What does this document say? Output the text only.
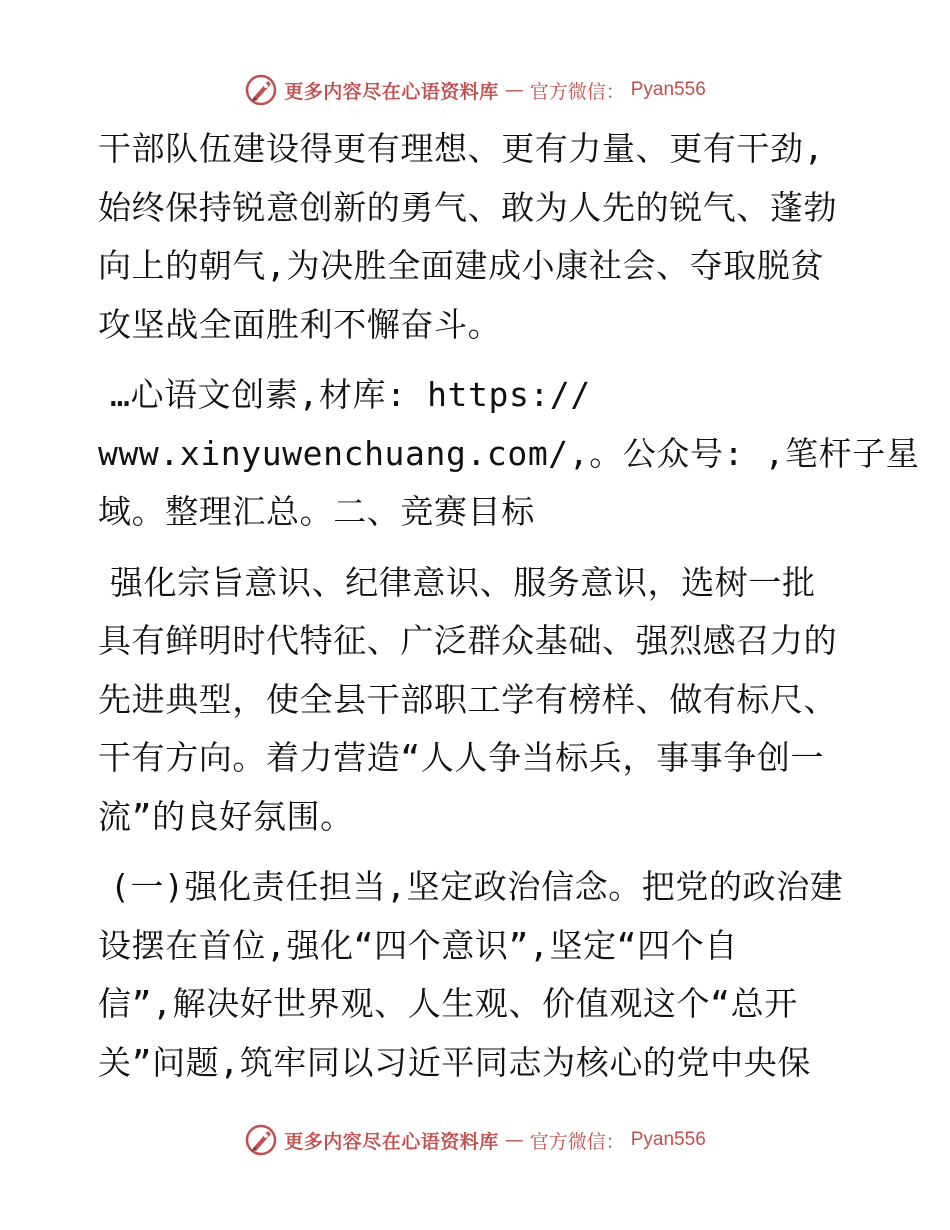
更多内容尽在心语资料库 — 官方微信： Pyan556
干部队伍建设得更有理想、更有力量、更有干劲,
始终保持锐意创新的勇气、敢为人先的锐气、蓬勃
向上的朝气,为决胜全面建成小康社会、夺取脱贫
攻坚战全面胜利不懈奋斗。
…心语文创素,材库: https://
www.xinyuwenchuang.com/,。公众号: ,笔杆子星
域。整理汇总。二、竞赛目标
强化宗旨意识、纪律意识、服务意识，选树一批
具有鲜明时代特征、广泛群众基础、强烈感召力的
先进典型，使全县干部职工学有榜样、做有标尺、
干有方向。着力营造“人人争当标兵，事事争创一
流”的良好氛围。
(一)强化责任担当,坚定政治信念。把党的政治建
设摆在首位,强化“四个意识”,坚定“四个自
信”,解决好世界观、人生观、价值观这个“总开
关”问题,筑牢同以习近平同志为核心的党中央保
更多内容尽在心语资料库 — 官方微信： Pyan556
